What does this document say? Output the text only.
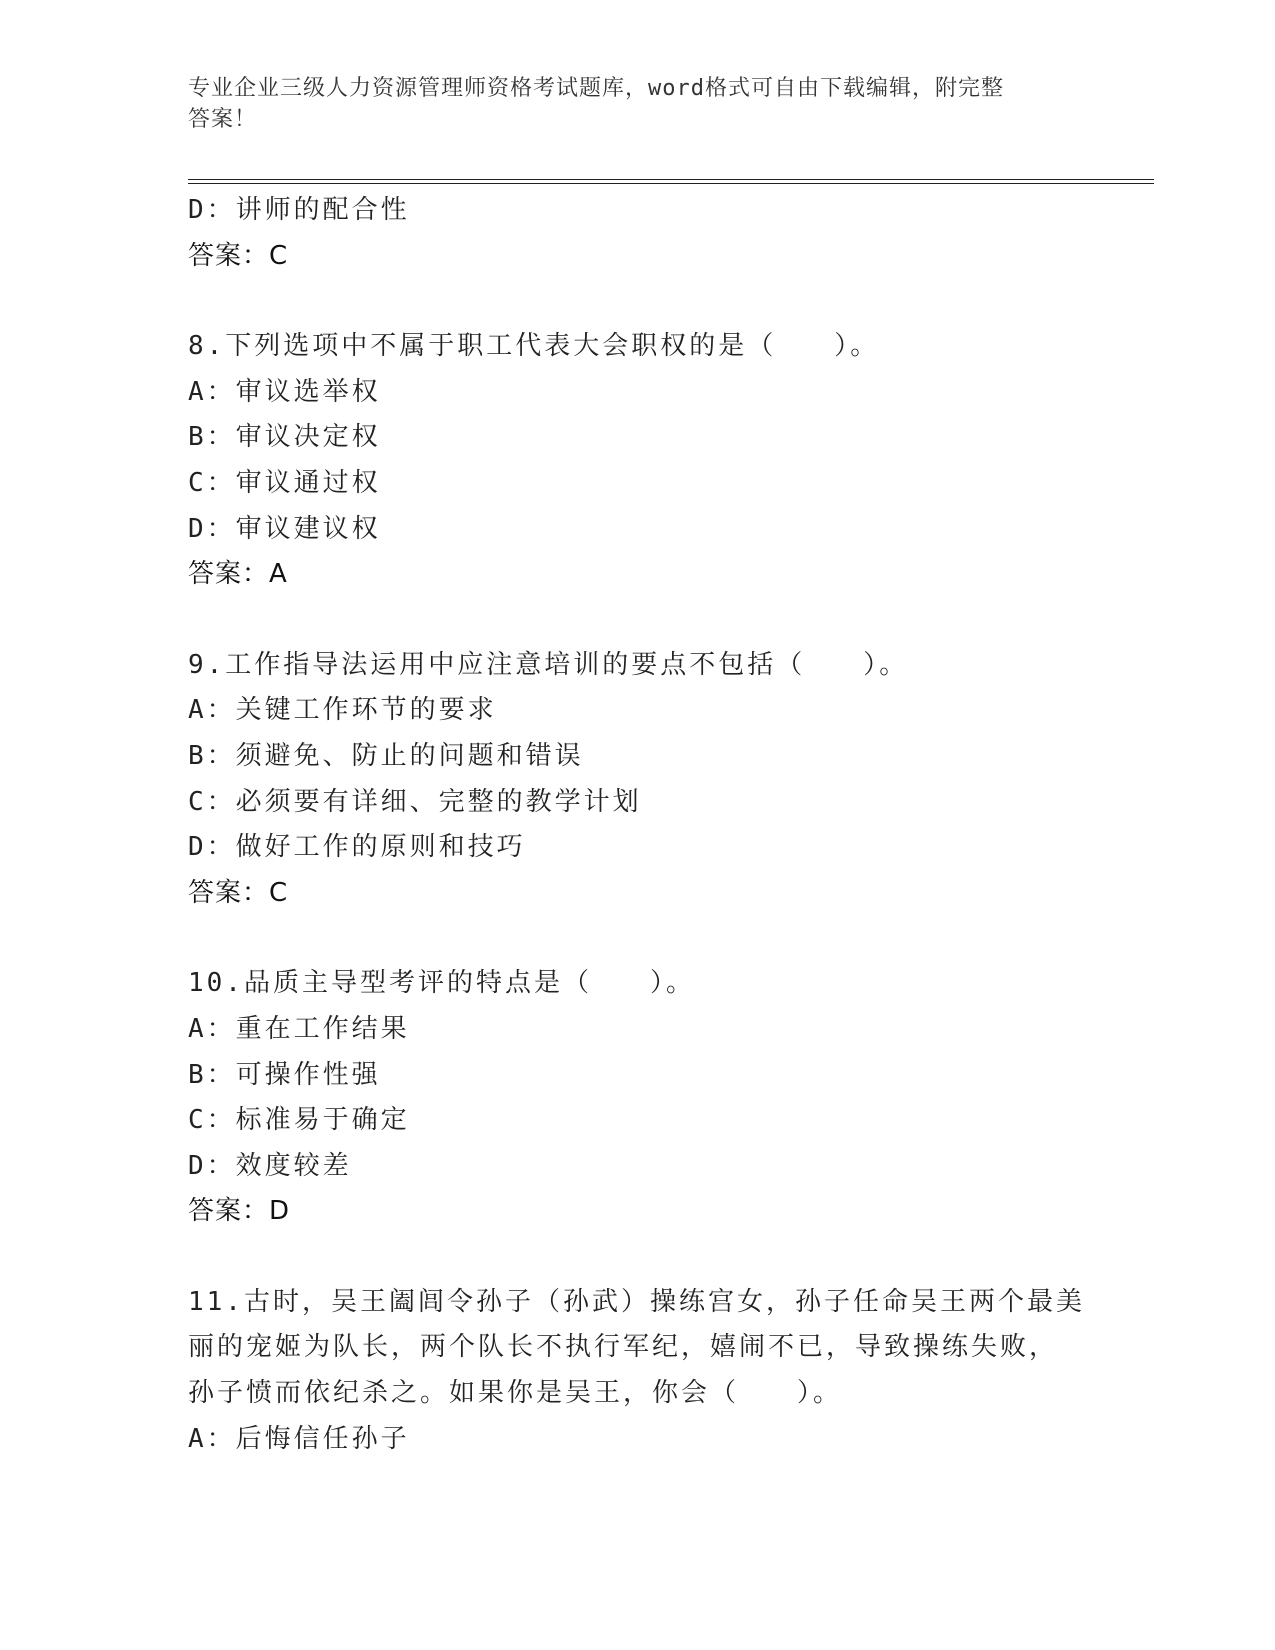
专业企业三级人力资源管理师资格考试题库，word格式可自由下载编辑，附完整
答案！
D：讲师的配合性
答案：C
8.下列选项中不属于职工代表大会职权的是（　　）。
A：审议选举权
B：审议决定权
C：审议通过权
D：审议建议权
答案：A
9.工作指导法运用中应注意培训的要点不包括（　　）。
A：关键工作环节的要求
B：须避免、防止的问题和错误
C：必须要有详细、完整的教学计划
D：做好工作的原则和技巧
答案：C
10.品质主导型考评的特点是（　　）。
A：重在工作结果
B：可操作性强
C：标准易于确定
D：效度较差
答案：D
11.古时，吴王阖闾令孙子（孙武）操练宫女，孙子任命吴王两个最美
丽的宠姬为队长，两个队长不执行军纪，嬉闹不已，导致操练失败，
孙子愤而依纪杀之。如果你是吴王，你会（　　）。
A：后悔信任孙子
